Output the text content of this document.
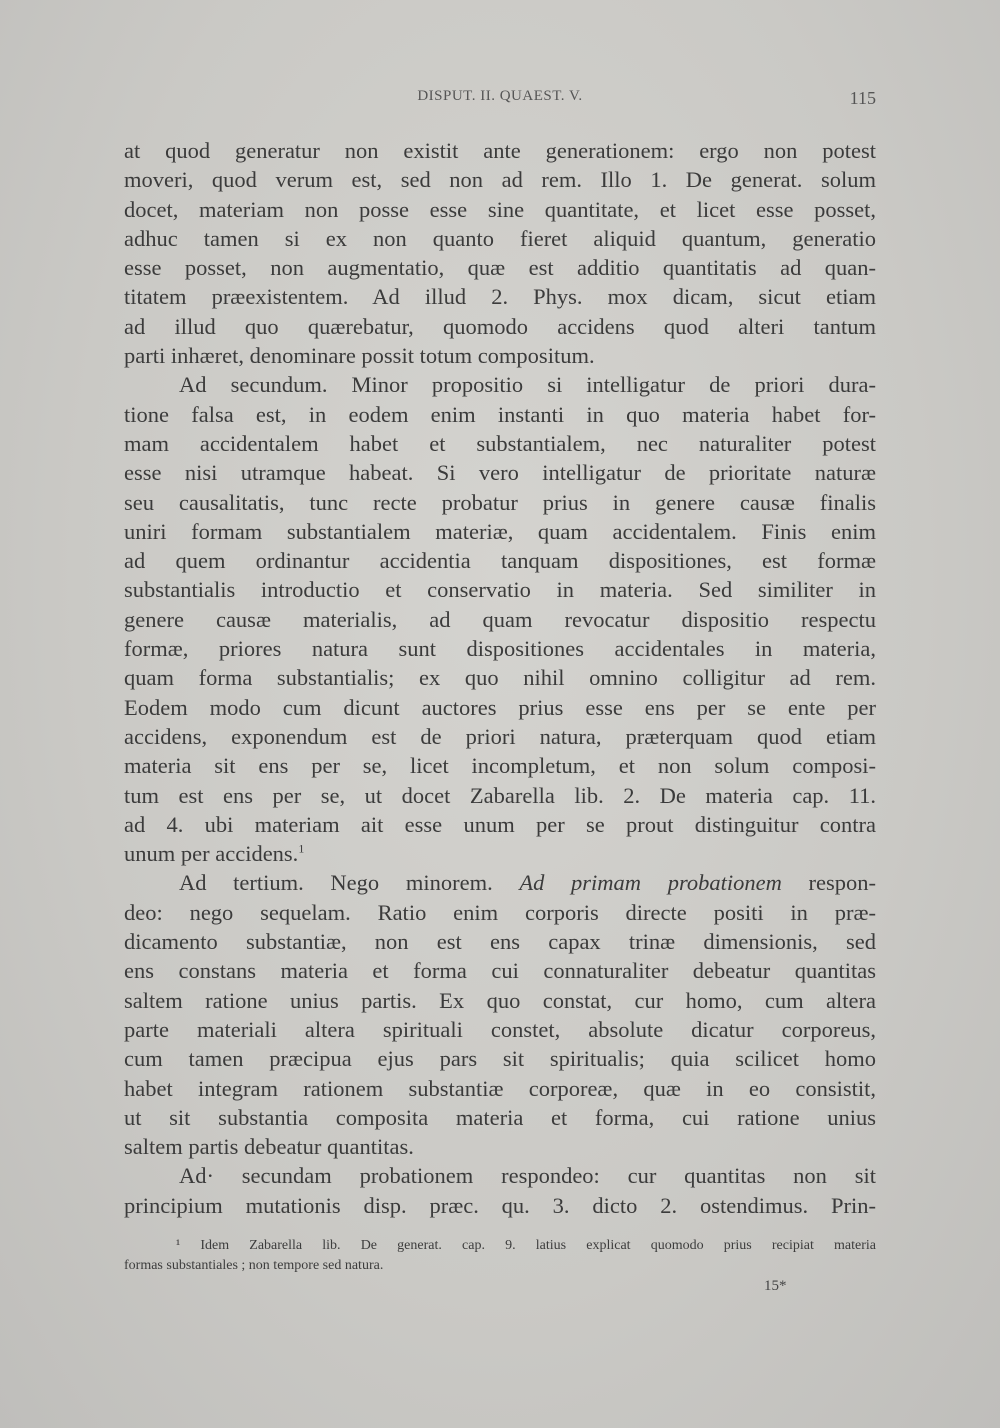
DISPUT. II. QUAEST. V.	115
at quod generatur non existit ante generationem: ergo non potest
moveri, quod verum est, sed non ad rem. Illo 1. De generat. solum
docet, materiam non posse esse sine quantitate, et licet esse posset,
adhuc tamen si ex non quanto fieret aliquid quantum, generatio
esse posset, non augmentatio, quæ est additio quantitatis ad quan-
titatem præexistentem. Ad illud 2. Phys. mox dicam, sicut etiam
ad illud quo quærebatur, quomodo accidens quod alteri tantum
parti inhæret, denominare possit totum compositum.
Ad secundum. Minor propositio si intelligatur de priori dura-
tione falsa est, in eodem enim instanti in quo materia habet for-
mam accidentalem habet et substantialem, nec naturaliter potest
esse nisi utramque habeat. Si vero intelligatur de prioritate naturæ
seu causalitatis, tunc recte probatur prius in genere causæ finalis
uniri formam substantialem materiæ, quam accidentalem. Finis enim
ad quem ordinantur accidentia tanquam dispositiones, est formæ
substantialis introductio et conservatio in materia. Sed similiter in
genere causæ materialis, ad quam revocatur dispositio respectu
formæ, priores natura sunt dispositiones accidentales in materia,
quam forma substantialis; ex quo nihil omnino colligitur ad rem.
Eodem modo cum dicunt auctores prius esse ens per se ente per
accidens, exponendum est de priori natura, præterquam quod etiam
materia sit ens per se, licet incompletum, et non solum composi-
tum est ens per se, ut docet Zabarella lib. 2. De materia cap. 11.
ad 4. ubi materiam ait esse unum per se prout distinguitur contra
unum per accidens.$^1$
Ad tertium. Nego minorem. Ad primam probationem respon-
deo: nego sequelam. Ratio enim corporis directe positi in præ-
dicamento substantiæ, non est ens capax trinæ dimensionis, sed
ens constans materia et forma cui connaturaliter debeatur quantitas
saltem ratione unius partis. Ex quo constat, cur homo, cum altera
parte materiali altera spirituali constet, absolute dicatur corporeus,
cum tamen præcipua ejus pars sit spiritualis; quia scilicet homo
habet integram rationem substantiæ corporeæ, quæ in eo consistit,
ut sit substantia composita materia et forma, cui ratione unius
saltem partis debeatur quantitas.
Ad· secundam probationem respondeo: cur quantitas non sit
principium mutationis disp. præc. qu. 3. dicto 2. ostendimus. Prin-
¹ Idem Zabarella lib. De generat. cap. 9. latius explicat quomodo prius recipiat materia
formas substantiales ; non tempore sed natura.
15*
